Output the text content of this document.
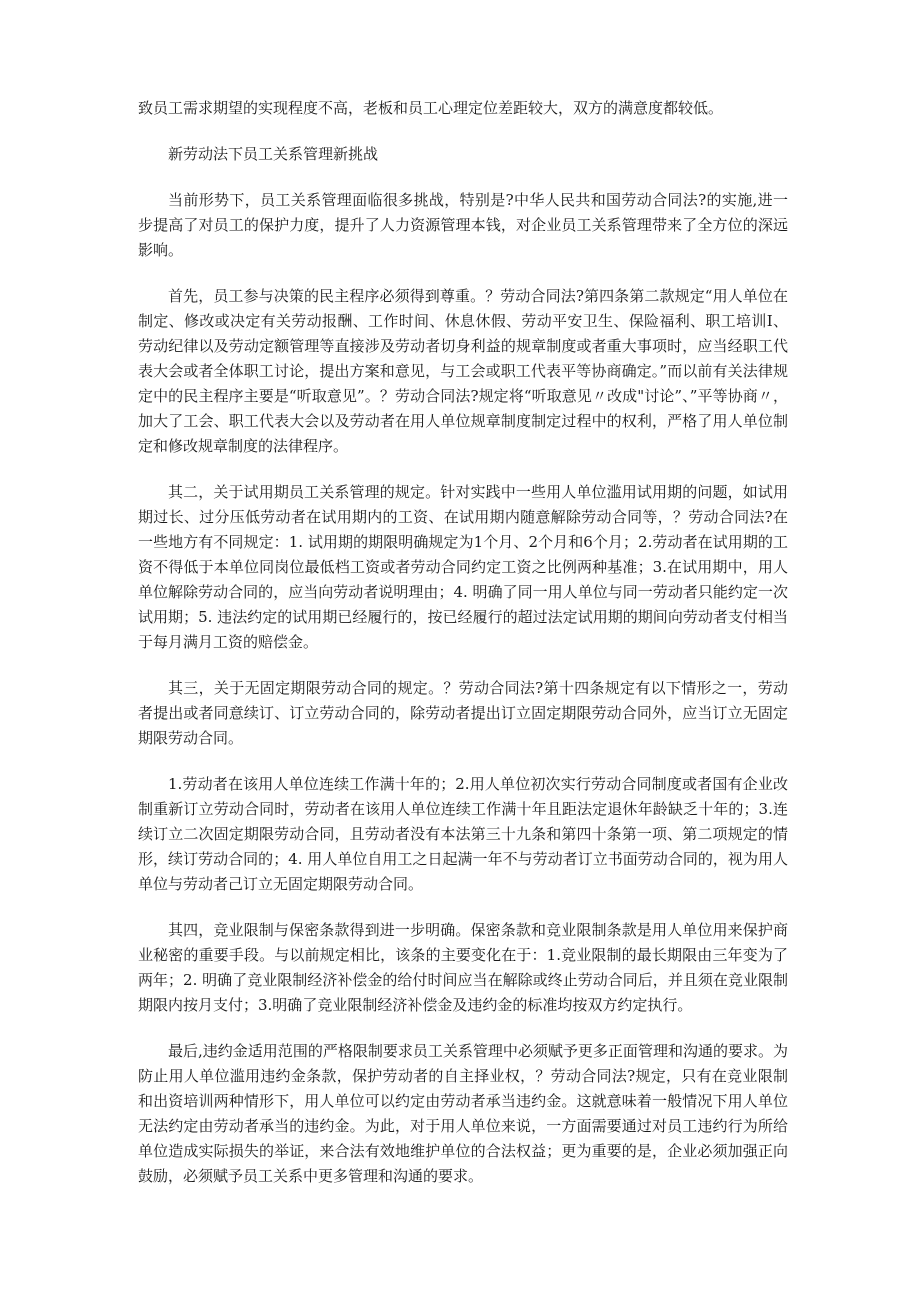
致员工需求期望的实现程度不高，老板和员工心理定位差距较大，双方的满意度都较低。

新劳动法下员工关系管理新挑战

当前形势下，员工关系管理面临很多挑战，特别是?中华人民共和国劳动合同法?的实施,进一步提高了对员工的保护力度，提升了人力资源管理本钱，对企业员工关系管理带来了全方位的深远影响。

首先，员工参与决策的民主程序必须得到尊重。？劳动合同法?第四条第二款规定“用人单位在制定、修改或决定有关劳动报酬、工作时间、休息休假、劳动平安卫生、保险福利、职工培训I、劳动纪律以及劳动定额管理等直接涉及劳动者切身利益的规章制度或者重大事项时，应当经职工代表大会或者全体职工讨论，提出方案和意见，与工会或职工代表平等协商确定。”而以前有关法律规定中的民主程序主要是“听取意见”。？劳动合同法?规定将“听取意见〃改成"讨论”、”平等协商〃，加大了工会、职工代表大会以及劳动者在用人单位规章制度制定过程中的权利，严格了用人单位制定和修改规章制度的法律程序。

其二，关于试用期员工关系管理的规定。针对实践中一些用人单位滥用试用期的问题，如试用期过长、过分压低劳动者在试用期内的工资、在试用期内随意解除劳动合同等，？劳动合同法?在一些地方有不同规定：1. 试用期的期限明确规定为1个月、2个月和6个月；2.劳动者在试用期的工资不得低于本单位同岗位最低档工资或者劳动合同约定工资之比例两种基准；3.在试用期中，用人单位解除劳动合同的，应当向劳动者说明理由；4. 明确了同一用人单位与同一劳动者只能约定一次试用期；5. 违法约定的试用期已经履行的，按已经履行的超过法定试用期的期间向劳动者支付相当于每月满月工资的赔偿金。

其三，关于无固定期限劳动合同的规定。？劳动合同法?第十四条规定有以下情形之一，劳动者提出或者同意续订、订立劳动合同的，除劳动者提出订立固定期限劳动合同外，应当订立无固定期限劳动合同。

1.劳动者在该用人单位连续工作满十年的；2.用人单位初次实行劳动合同制度或者国有企业改制重新订立劳动合同时，劳动者在该用人单位连续工作满十年且距法定退休年龄缺乏十年的；3.连续订立二次固定期限劳动合同，且劳动者没有本法第三十九条和第四十条第一项、第二项规定的情形，续订劳动合同的；4. 用人单位自用工之日起满一年不与劳动者订立书面劳动合同的，视为用人单位与劳动者己订立无固定期限劳动合同。

其四，竞业限制与保密条款得到进一步明确。保密条款和竞业限制条款是用人单位用来保护商业秘密的重要手段。与以前规定相比，该条的主要变化在于：1.竞业限制的最长期限由三年变为了两年；2. 明确了竞业限制经济补偿金的给付时间应当在解除或终止劳动合同后，并且须在竞业限制期限内按月支付；3.明确了竞业限制经济补偿金及违约金的标准均按双方约定执行。

最后,违约金适用范围的严格限制要求员工关系管理中必须赋予更多正面管理和沟通的要求。为防止用人单位滥用违约金条款，保护劳动者的自主择业权，？劳动合同法?规定，只有在竞业限制和出资培训两种情形下，用人单位可以约定由劳动者承当违约金。这就意味着一般情况下用人单位无法约定由劳动者承当的违约金。为此，对于用人单位来说，一方面需要通过对员工违约行为所给单位造成实际损失的举证，来合法有效地维护单位的合法权益；更为重要的是，企业必须加强正向鼓励，必须赋予员工关系中更多管理和沟通的要求。
